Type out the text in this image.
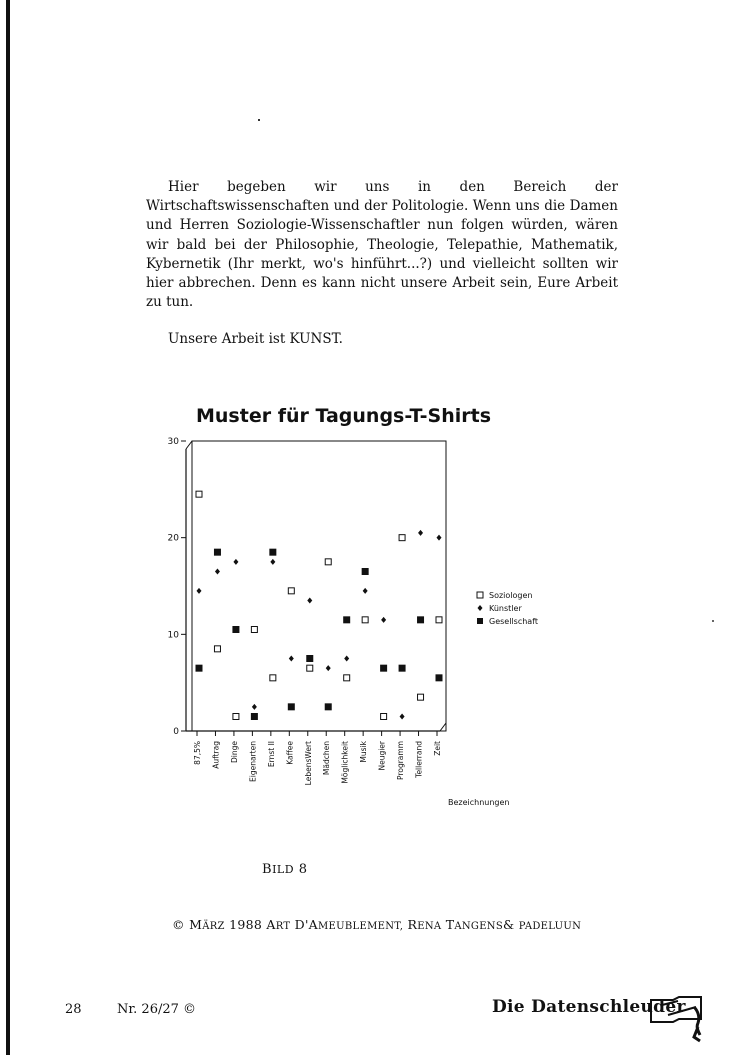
Hier begeben wir uns in den Bereich der Wirtschaftswissenschaften und der Politologie. Wenn uns die Damen und Herren Soziologie-Wissenschaftler nun folgen würden, wären wir bald bei der Philosophie, Theologie, Telepathie, Mathematik, Kybernetik (Ihr merkt, wo's hinführt...?) und vielleicht sollten wir hier abbrechen. Denn es kann nicht unsere Arbeit sein, Eure Arbeit zu tun.

Unsere Arbeit ist KUNST.

Muster für Tagungs-T-Shirts
0
10
20
30
87,5% Auftrag Dinge Eigenarten Ernst II Kaffee LebensWert Mädchen Möglichkeit Musik Neugier Programm Tellerrand Zeit
Soziologen
Künstler
Gesellschaft
Bezeichnungen
BILD 8
© MÄRZ 1988 ART D'AMEUBLEMENT, RENA TANGENS& PADELUUN
28	Nr. 26/27 ©	Die Datenschleuder
